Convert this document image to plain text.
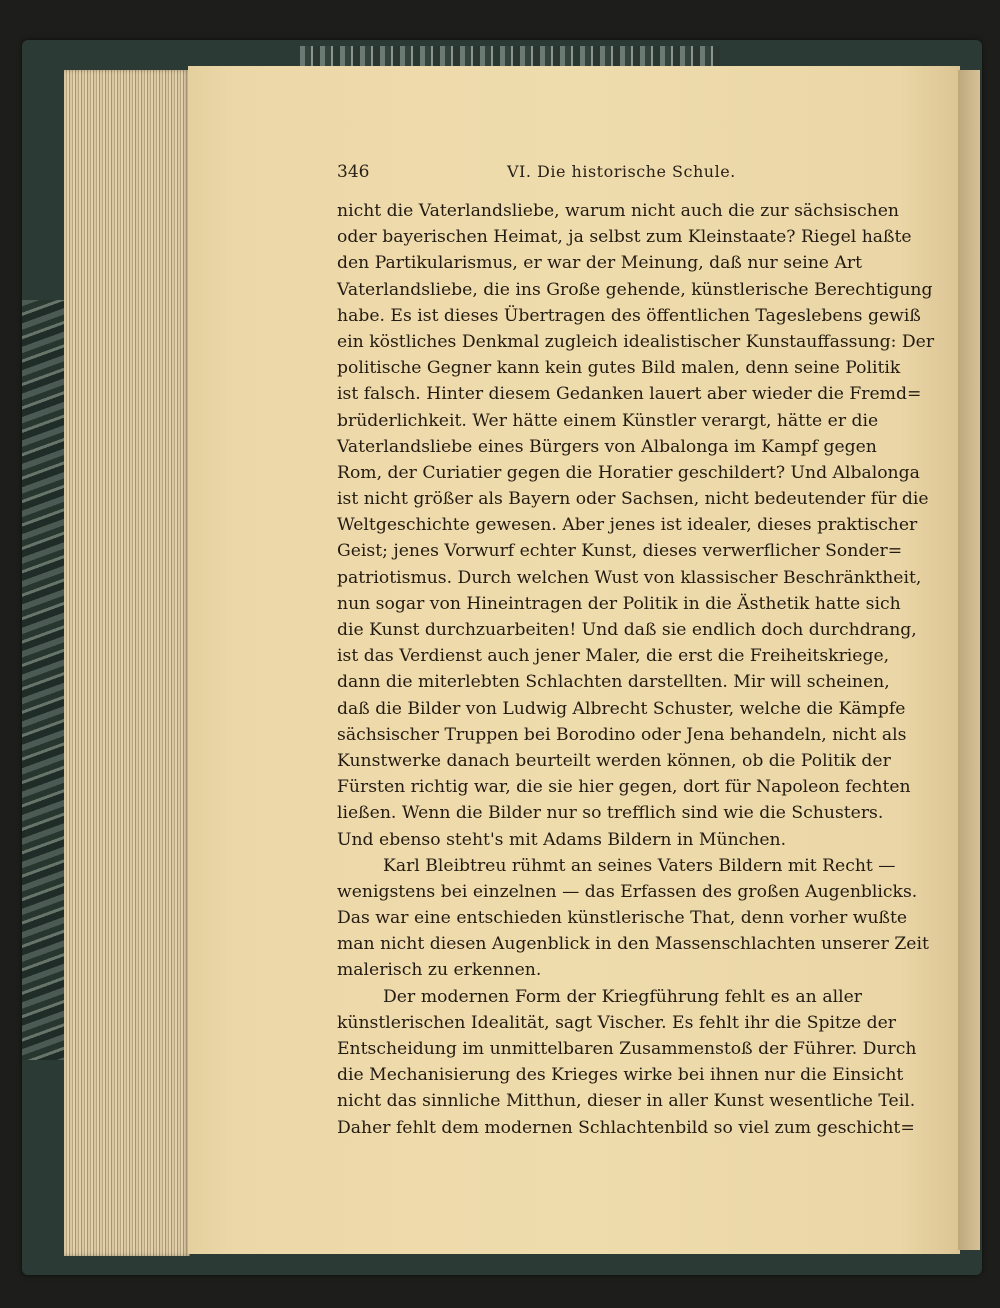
346	VI. Die historische Schule.
nicht die Vaterlandsliebe, warum nicht auch die zur sächsischen
oder bayerischen Heimat, ja selbst zum Kleinstaate? Riegel haßte
den Partikularismus, er war der Meinung, daß nur seine Art
Vaterlandsliebe, die ins Große gehende, künstlerische Berechtigung
habe. Es ist dieses Übertragen des öffentlichen Tageslebens gewiß
ein köstliches Denkmal zugleich idealistischer Kunstauffassung: Der
politische Gegner kann kein gutes Bild malen, denn seine Politik
ist falsch. Hinter diesem Gedanken lauert aber wieder die Fremd=
brüderlichkeit. Wer hätte einem Künstler verargt, hätte er die
Vaterlandsliebe eines Bürgers von Albalonga im Kampf gegen
Rom, der Curiatier gegen die Horatier geschildert? Und Albalonga
ist nicht größer als Bayern oder Sachsen, nicht bedeutender für die
Weltgeschichte gewesen. Aber jenes ist idealer, dieses praktischer
Geist; jenes Vorwurf echter Kunst, dieses verwerflicher Sonder=
patriotismus. Durch welchen Wust von klassischer Beschränktheit,
nun sogar von Hineintragen der Politik in die Ästhetik hatte sich
die Kunst durchzuarbeiten! Und daß sie endlich doch durchdrang,
ist das Verdienst auch jener Maler, die erst die Freiheitskriege,
dann die miterlebten Schlachten darstellten. Mir will scheinen,
daß die Bilder von Ludwig Albrecht Schuster, welche die Kämpfe
sächsischer Truppen bei Borodino oder Jena behandeln, nicht als
Kunstwerke danach beurteilt werden können, ob die Politik der
Fürsten richtig war, die sie hier gegen, dort für Napoleon fechten
ließen. Wenn die Bilder nur so trefflich sind wie die Schusters.
Und ebenso steht's mit Adams Bildern in München.
Karl Bleibtreu rühmt an seines Vaters Bildern mit Recht —
wenigstens bei einzelnen — das Erfassen des großen Augenblicks.
Das war eine entschieden künstlerische That, denn vorher wußte
man nicht diesen Augenblick in den Massenschlachten unserer Zeit
malerisch zu erkennen.
Der modernen Form der Kriegführung fehlt es an aller
künstlerischen Idealität, sagt Vischer. Es fehlt ihr die Spitze der
Entscheidung im unmittelbaren Zusammenstoß der Führer. Durch
die Mechanisierung des Krieges wirke bei ihnen nur die Einsicht
nicht das sinnliche Mitthun, dieser in aller Kunst wesentliche Teil.
Daher fehlt dem modernen Schlachtenbild so viel zum geschicht=
